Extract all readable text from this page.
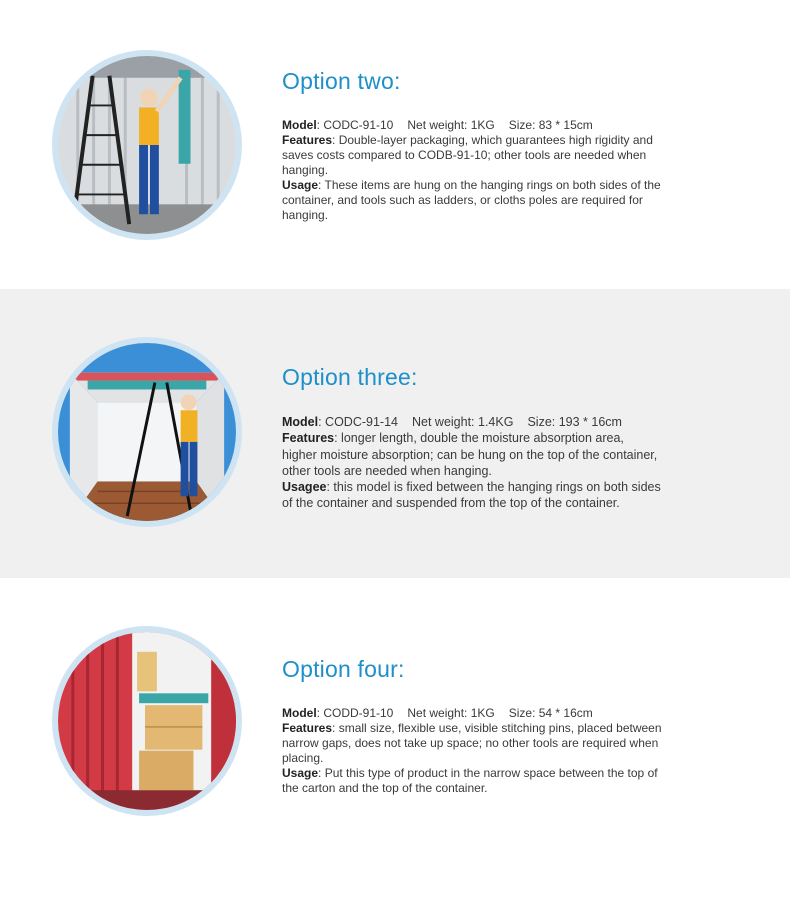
Option two:

Model: CODC-91-10 Net weight: 1KG Size: 83 * 15cm

Features: Double-layer packaging, which guarantees high rigidity and saves costs compared to CODB-91-10; other tools are needed when hanging.

Usage: These items are hung on the hanging rings on both sides of the container, and tools such as ladders, or cloths poles are required for hanging.

Option three:

Model: CODC-91-14 Net weight: 1.4KG Size: 193 * 16cm

Features: longer length, double the moisture absorption area, higher moisture absorption; can be hung on the top of the container, other tools are needed when hanging.

Usagee: this model is fixed between the hanging rings on both sides of the container and suspended from the top of the container.

Option four:

Model: CODD-91-10 Net weight: 1KG Size: 54 * 16cm

Features: small size, flexible use, visible stitching pins, placed between narrow gaps, does not take up space; no other tools are required when placing.

Usage: Put this type of product in the narrow space between the top of the carton and the top of the container.
